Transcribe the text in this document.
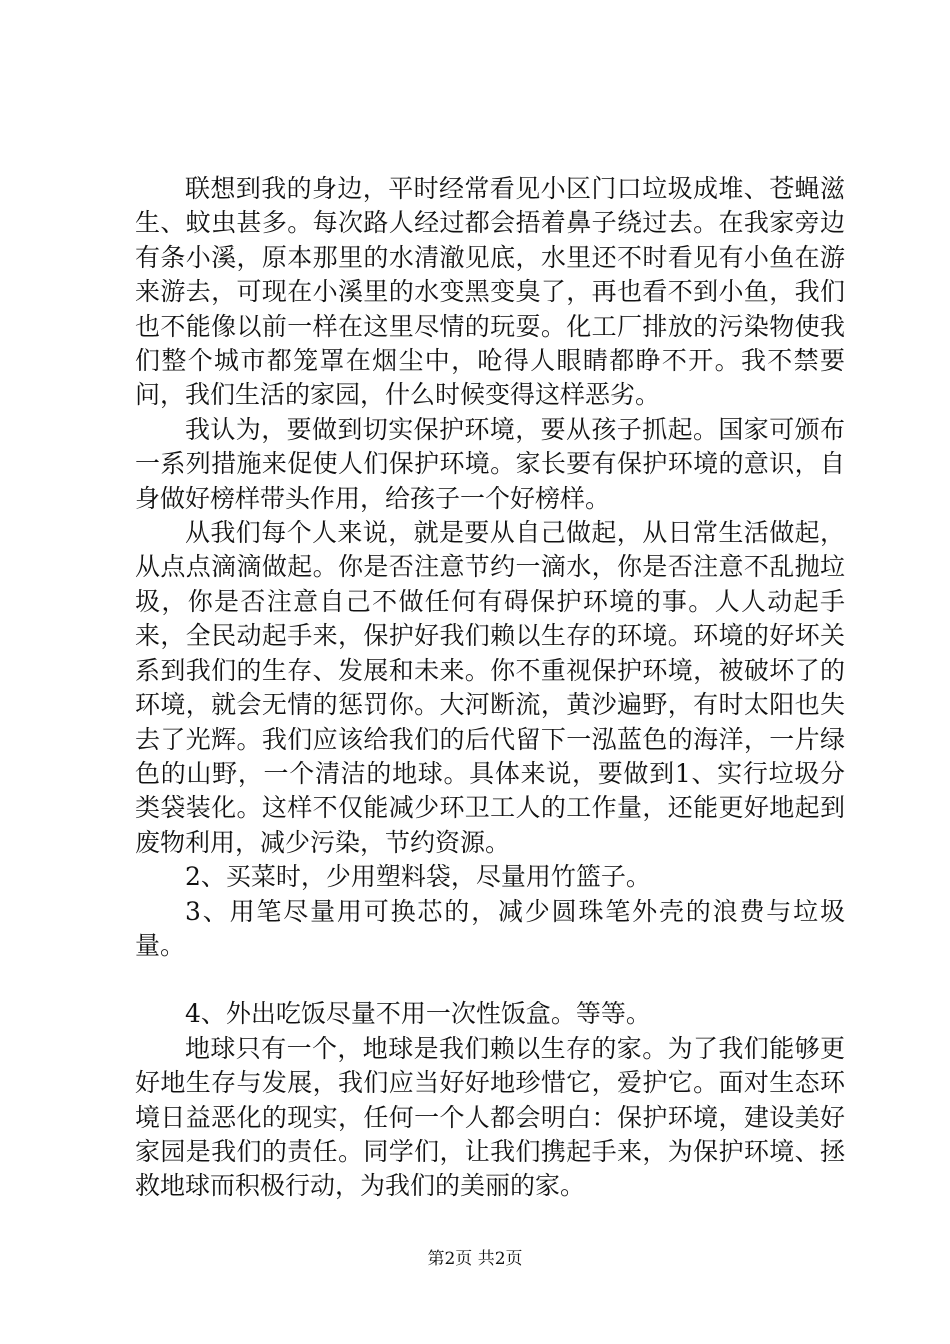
联想到我的身边，平时经常看见小区门口垃圾成堆、苍蝇滋生、蚊虫甚多。每次路人经过都会捂着鼻子绕过去。在我家旁边有条小溪，原本那里的水清澈见底，水里还不时看见有小鱼在游来游去，可现在小溪里的水变黑变臭了，再也看不到小鱼，我们也不能像以前一样在这里尽情的玩耍。化工厂排放的污染物使我们整个城市都笼罩在烟尘中，呛得人眼睛都睁不开。我不禁要问，我们生活的家园，什么时候变得这样恶劣。

我认为，要做到切实保护环境，要从孩子抓起。国家可颁布一系列措施来促使人们保护环境。家长要有保护环境的意识，自身做好榜样带头作用，给孩子一个好榜样。

从我们每个人来说，就是要从自己做起，从日常生活做起，从点点滴滴做起。你是否注意节约一滴水，你是否注意不乱抛垃圾，你是否注意自己不做任何有碍保护环境的事。人人动起手来，全民动起手来，保护好我们赖以生存的环境。环境的好坏关系到我们的生存、发展和未来。你不重视保护环境，被破坏了的环境，就会无情的惩罚你。大河断流，黄沙遍野，有时太阳也失去了光辉。我们应该给我们的后代留下一泓蓝色的海洋，一片绿色的山野，一个清洁的地球。具体来说，要做到1、实行垃圾分类袋装化。这样不仅能减少环卫工人的工作量，还能更好地起到废物利用，减少污染，节约资源。

2、买菜时，少用塑料袋，尽量用竹篮子。

3、用笔尽量用可换芯的，减少圆珠笔外壳的浪费与垃圾量。

4、外出吃饭尽量不用一次性饭盒。等等。

地球只有一个，地球是我们赖以生存的家。为了我们能够更好地生存与发展，我们应当好好地珍惜它，爱护它。面对生态环境日益恶化的现实，任何一个人都会明白：保护环境，建设美好家园是我们的责任。同学们，让我们携起手来，为保护环境、拯救地球而积极行动，为我们的美丽的家。

第2页 共2页
